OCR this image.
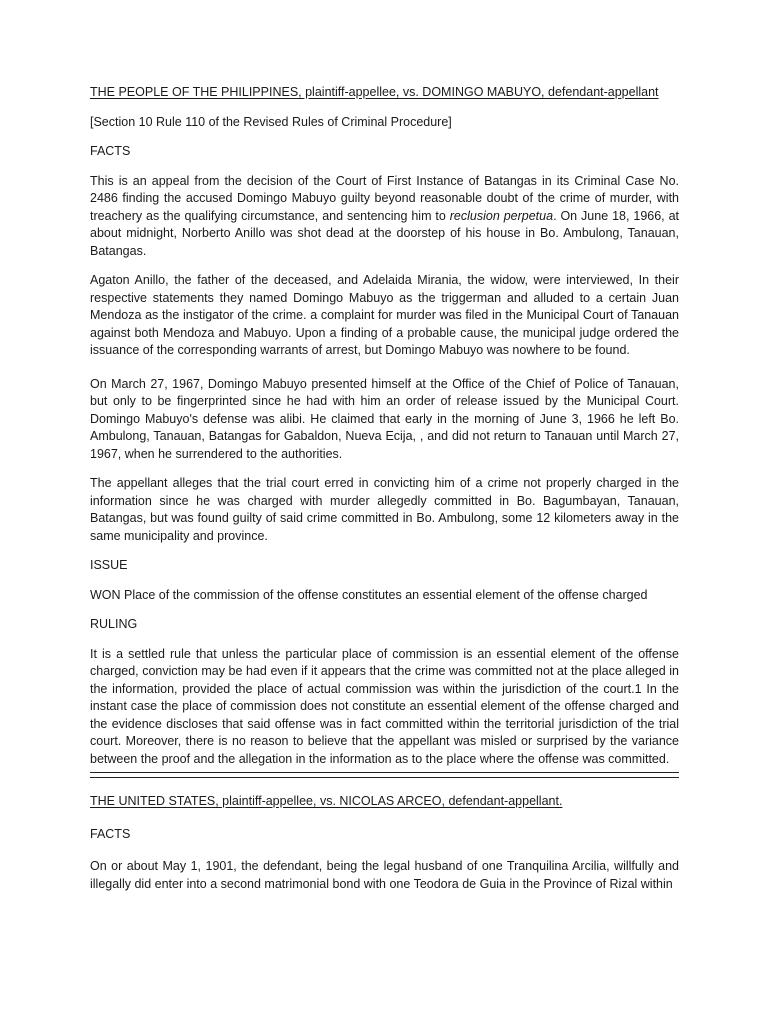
THE PEOPLE OF THE PHILIPPINES, plaintiff-appellee, vs. DOMINGO MABUYO, defendant-appellant

[Section 10 Rule 110 of the Revised Rules of Criminal Procedure]

FACTS

This is an appeal from the decision of the Court of First Instance of Batangas in its Criminal Case No. 2486 finding the accused Domingo Mabuyo guilty beyond reasonable doubt of the crime of murder, with treachery as the qualifying circumstance, and sentencing him to reclusion perpetua. On June 18, 1966, at about midnight, Norberto Anillo was shot dead at the doorstep of his house in Bo. Ambulong, Tanauan, Batangas.

Agaton Anillo, the father of the deceased, and Adelaida Mirania, the widow, were interviewed, In their respective statements they named Domingo Mabuyo as the triggerman and alluded to a certain Juan Mendoza as the instigator of the crime. a complaint for murder was filed in the Municipal Court of Tanauan against both Mendoza and Mabuyo. Upon a finding of a probable cause, the municipal judge ordered the issuance of the corresponding warrants of arrest, but Domingo Mabuyo was nowhere to be found.

On March 27, 1967, Domingo Mabuyo presented himself at the Office of the Chief of Police of Tanauan, but only to be fingerprinted since he had with him an order of release issued by the Municipal Court. Domingo Mabuyo's defense was alibi. He claimed that early in the morning of June 3, 1966 he left Bo. Ambulong, Tanauan, Batangas for Gabaldon, Nueva Ecija, , and did not return to Tanauan until March 27, 1967, when he surrendered to the authorities.

The appellant alleges that the trial court erred in convicting him of a crime not properly charged in the information since he was charged with murder allegedly committed in Bo. Bagumbayan, Tanauan, Batangas, but was found guilty of said crime committed in Bo. Ambulong, some 12 kilometers away in the same municipality and province.

ISSUE

WON Place of the commission of the offense constitutes an essential element of the offense charged

RULING

It is a settled rule that unless the particular place of commission is an essential element of the offense charged, conviction may be had even if it appears that the crime was committed not at the place alleged in the information, provided the place of actual commission was within the jurisdiction of the court.1 In the instant case the place of commission does not constitute an essential element of the offense charged and the evidence discloses that said offense was in fact committed within the territorial jurisdiction of the trial court. Moreover, there is no reason to believe that the appellant was misled or surprised by the variance between the proof and the allegation in the information as to the place where the offense was committed.

THE UNITED STATES, plaintiff-appellee, vs. NICOLAS ARCEO, defendant-appellant.

FACTS

On or about May 1, 1901, the defendant, being the legal husband of one Tranquilina Arcilia, willfully and illegally did enter into a second matrimonial bond with one Teodora de Guia in the Province of Rizal within
